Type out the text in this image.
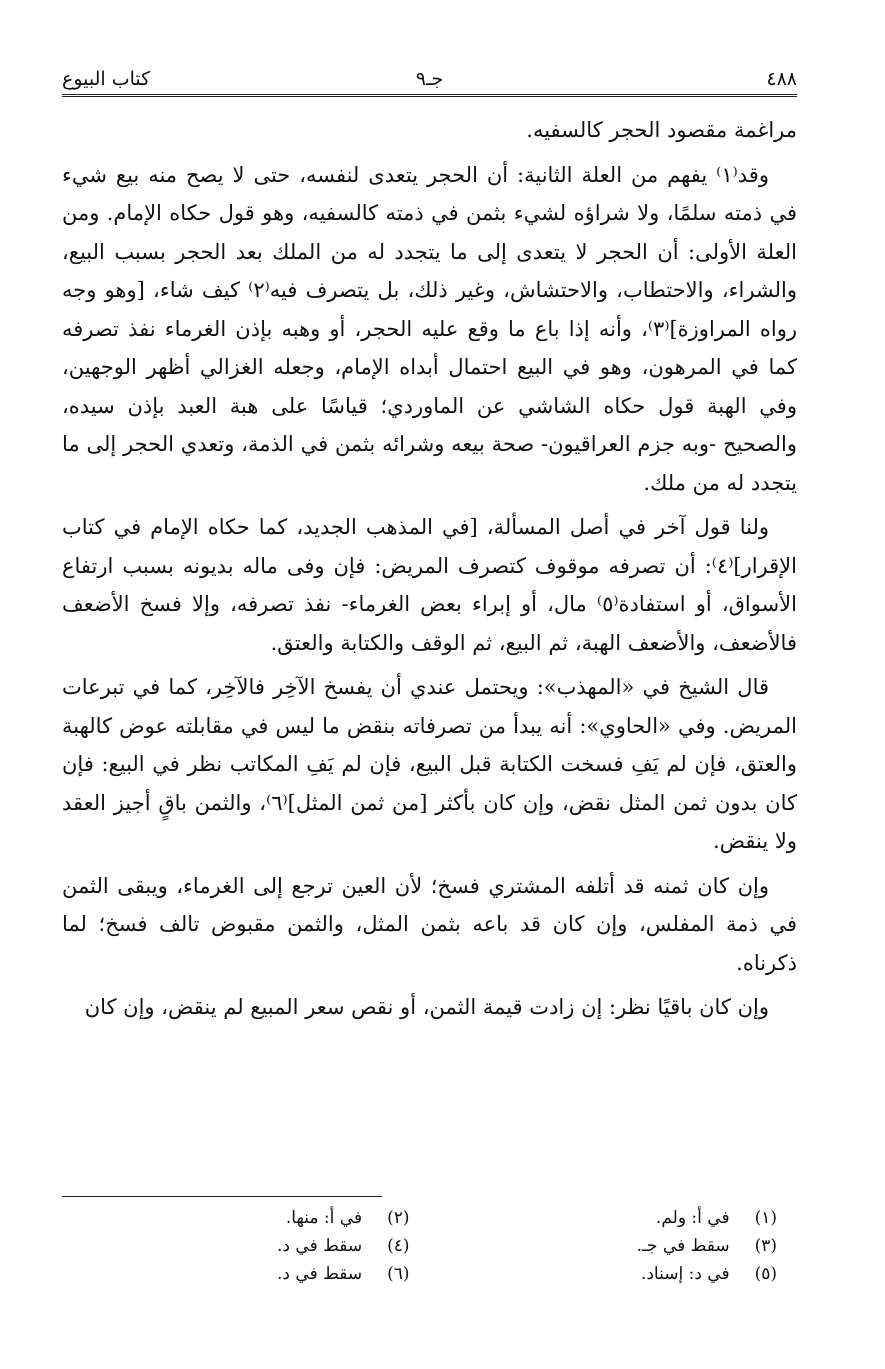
٤٨٨
جـ٩
كتاب البيوع

مراغمة مقصود الحجر كالسفيه.

وقد⁽١⁾ يفهم من العلة الثانية: أن الحجر يتعدى لنفسه، حتى لا يصح منه بيع شيء في ذمته سلمًا، ولا شراؤه لشيء بثمن في ذمته كالسفيه، وهو قول حكاه الإمام. ومن العلة الأولى: أن الحجر لا يتعدى إلى ما يتجدد له من الملك بعد الحجر بسبب البيع، والشراء، والاحتطاب، والاحتشاش، وغير ذلك، بل يتصرف فيه⁽٢⁾ كيف شاء، [وهو وجه رواه المراوزة]⁽٣⁾، وأنه إذا باع ما وقع عليه الحجر، أو وهبه بإذن الغرماء نفذ تصرفه كما في المرهون، وهو في البيع احتمال أبداه الإمام، وجعله الغزالي أظهر الوجهين، وفي الهبة قول حكاه الشاشي عن الماوردي؛ قياسًا على هبة العبد بإذن سيده، والصحيح -وبه جزم العراقيون- صحة بيعه وشرائه بثمن في الذمة، وتعدي الحجر إلى ما يتجدد له من ملك.

ولنا قول آخر في أصل المسألة، [في المذهب الجديد، كما حكاه الإمام في كتاب الإقرار]⁽٤⁾: أن تصرفه موقوف كتصرف المريض: فإن وفى ماله بديونه بسبب ارتفاع الأسواق، أو استفادة⁽٥⁾ مال، أو إبراء بعض الغرماء- نفذ تصرفه، وإلا فسخ الأضعف فالأضعف، والأضعف الهبة، ثم البيع، ثم الوقف والكتابة والعتق.

قال الشيخ في «المهذب»: ويحتمل عندي أن يفسخ الآخِر فالآخِر، كما في تبرعات المريض. وفي «الحاوي»: أنه يبدأ من تصرفاته بنقض ما ليس في مقابلته عوض كالهبة والعتق، فإن لم يَفِ فسخت الكتابة قبل البيع، فإن لم يَفِ المكاتب نظر في البيع: فإن كان بدون ثمن المثل نقض، وإن كان بأكثر [من ثمن المثل]⁽٦⁾، والثمن باقٍ أجيز العقد ولا ينقض.

وإن كان ثمنه قد أتلفه المشتري فسخ؛ لأن العين ترجع إلى الغرماء، ويبقى الثمن في ذمة المفلس، وإن كان قد باعه بثمن المثل، والثمن مقبوض تالف فسخ؛ لما ذكرناه.

وإن كان باقيًا نظر: إن زادت قيمة الثمن، أو نقص سعر المبيع لم ينقض، وإن كان

(١) في أ: ولم.
(٢) في أ: منها.
(٣) سقط في جـ.
(٤) سقط في د.
(٥) في د: إسناد.
(٦) سقط في د.
